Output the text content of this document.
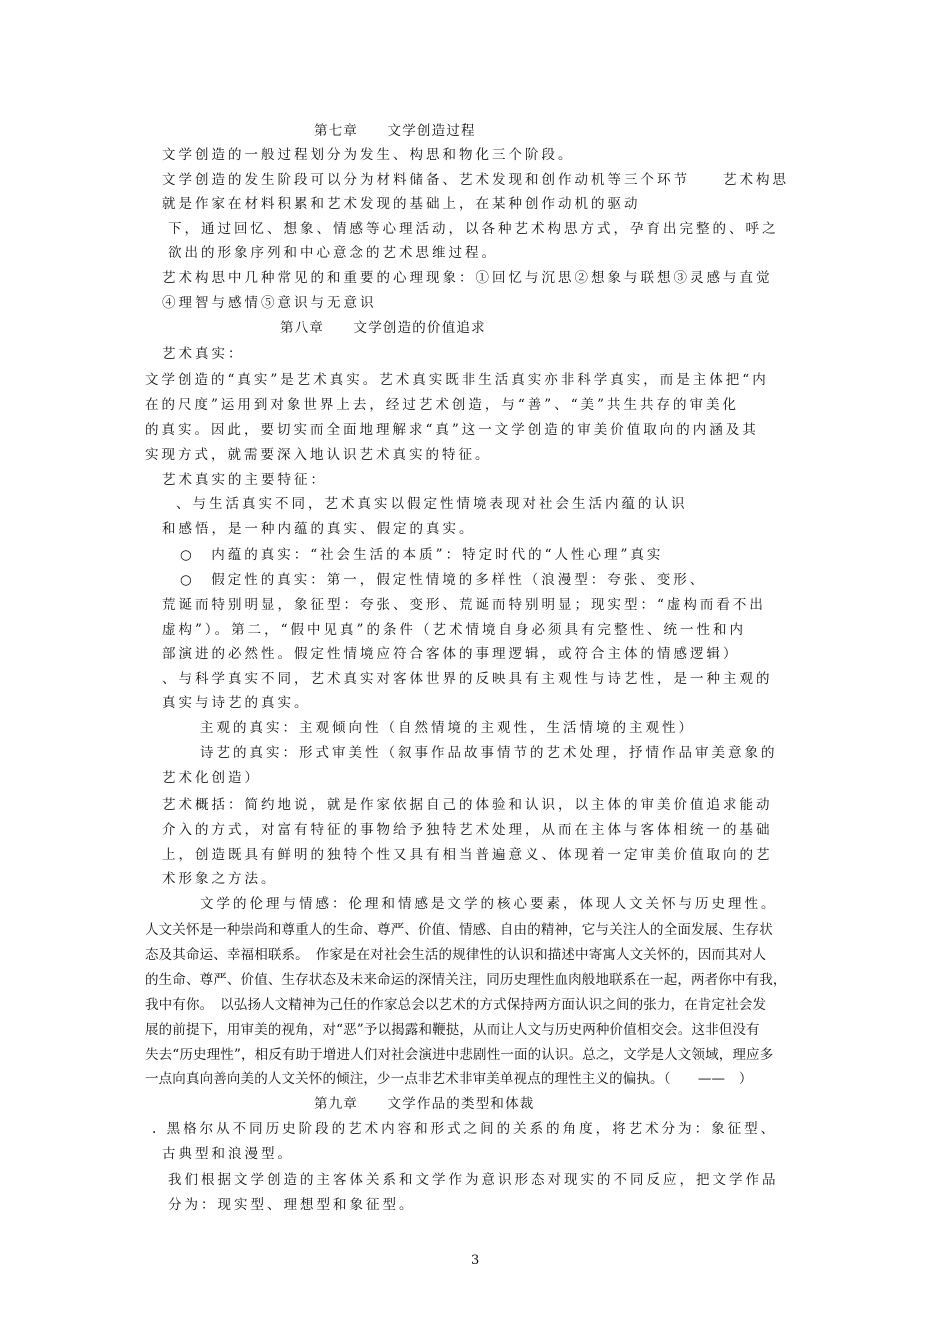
第七章　　文学创造过程

文学创造的一般过程划分为发生、构思和物化三个阶段。

文学创造的发生阶段可以分为材料储备、艺术发现和创作动机等三个环节　　艺术构思

就是作家在材料积累和艺术发现的基础上，在某种创作动机的驱动

下，通过回忆、想象、情感等心理活动，以各种艺术构思方式，孕育出完整的、呼之

欲出的形象序列和中心意念的艺术思维过程。

艺术构思中几种常见的和重要的心理现象：①回忆与沉思②想象与联想③灵感与直觉

④理智与感情⑤意识与无意识

第八章　　文学创造的价值追求

艺术真实：

文学创造的“真实”是艺术真实。艺术真实既非生活真实亦非科学真实，而是主体把“内

在的尺度”运用到对象世界上去，经过艺术创造，与“善”、“美”共生共存的审美化

的真实。因此，要切实而全面地理解求“真”这一文学创造的审美价值取向的内涵及其

实现方式，就需要深入地认识艺术真实的特征。

艺术真实的主要特征：

、与生活真实不同，艺术真实以假定性情境表现对社会生活内蕴的认识

和感悟，是一种内蕴的真实、假定的真实。

○　内蕴的真实：“社会生活的本质”：特定时代的“人性心理”真实

○　假定性的真实：第一，假定性情境的多样性（浪漫型：夸张、变形、

荒诞而特别明显，象征型：夸张、变形、荒诞而特别明显；现实型：“虚构而看不出

虚构”）。第二，“假中见真”的条件（艺术情境自身必须具有完整性、统一性和内

部演进的必然性。假定性情境应符合客体的事理逻辑，或符合主体的情感逻辑）

、与科学真实不同，艺术真实对客体世界的反映具有主观性与诗艺性，是一种主观的

真实与诗艺的真实。

主观的真实：主观倾向性（自然情境的主观性，生活情境的主观性）

诗艺的真实：形式审美性（叙事作品故事情节的艺术处理，抒情作品审美意象的

艺术化创造）

艺术概括：简约地说，就是作家依据自己的体验和认识，以主体的审美价值追求能动

介入的方式，对富有特征的事物给予独特艺术处理，从而在主体与客体相统一的基础

上，创造既具有鲜明的独特个性又具有相当普遍意义、体现着一定审美价值取向的艺

术形象之方法。

文学的伦理与情感：伦理和情感是文学的核心要素，体现人文关怀与历史理性。

人文关怀是一种崇尚和尊重人的生命、尊严、价值、情感、自由的精神，它与关注人的全面发展、生存状

态及其命运、幸福相联系。　作家是在对社会生活的规律性的认识和描述中寄寓人文关怀的，因而其对人

的生命、尊严、价值、生存状态及未来命运的深情关注，同历史理性血肉般地联系在一起，两者你中有我，

我中有你。　以弘扬人文精神为己任的作家总会以艺术的方式保持两方面认识之间的张力，在肯定社会发

展的前提下，用审美的视角，对“恶”予以揭露和鞭挞，从而让人文与历史两种价值相交会。这非但没有

失去“历史理性”，相反有助于增进人们对社会演进中悲剧性一面的认识。总之，文学是人文领域，理应多

一点向真向善向美的人文关怀的倾注，少一点非艺术非审美单视点的理性主义的偏执。（　　——　）

第九章　　文学作品的类型和体裁

. 黑格尔从不同历史阶段的艺术内容和形式之间的关系的角度，将艺术分为：象征型、

古典型和浪漫型。

我们根据文学创造的主客体关系和文学作为意识形态对现实的不同反应，把文学作品

分为：现实型、理想型和象征型。

3
